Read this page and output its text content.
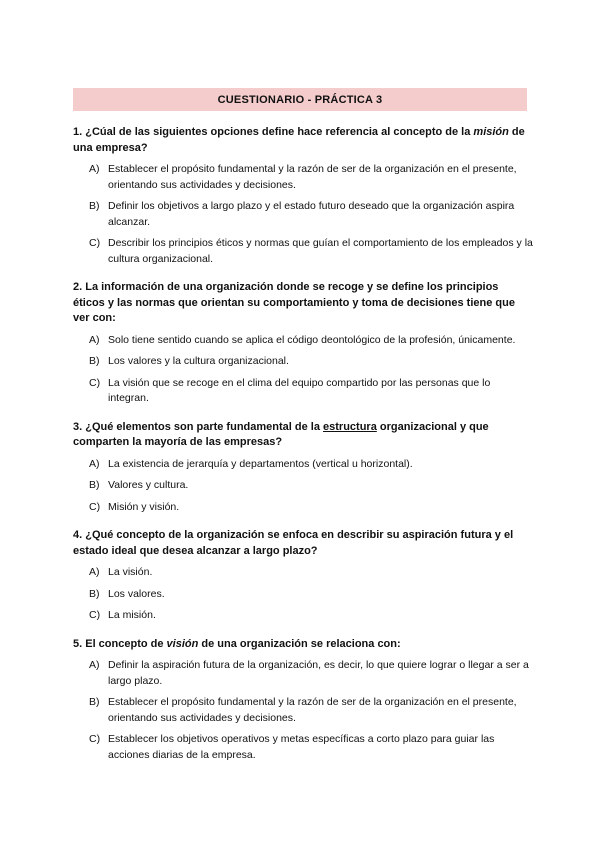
CUESTIONARIO - PRÁCTICA 3
1. ¿Cúal de las siguientes opciones define hace referencia al concepto de la misión de una empresa?
A) Establecer el propósito fundamental y la razón de ser de la organización en el presente, orientando sus actividades y decisiones.
B) Definir los objetivos a largo plazo y el estado futuro deseado que la organización aspira alcanzar.
C) Describir los principios éticos y normas que guían el comportamiento de los empleados y la cultura organizacional.
2. La información de una organización donde se recoge y se define los principios éticos y las normas que orientan su comportamiento y toma de decisiones tiene que ver con:
A) Solo tiene sentido cuando se aplica el código deontológico de la profesión, únicamente.
B) Los valores y la cultura organizacional.
C) La visión que se recoge en el clima del equipo compartido por las personas que lo integran.
3. ¿Qué elementos son parte fundamental de la estructura organizacional y que comparten la mayoría de las empresas?
A) La existencia de jerarquía y departamentos (vertical u horizontal).
B) Valores y cultura.
C) Misión y visión.
4. ¿Qué concepto de la organización se enfoca en describir su aspiración futura y el estado ideal que desea alcanzar a largo plazo?
A) La visión.
B) Los valores.
C) La misión.
5. El concepto de visión de una organización se relaciona con:
A) Definir la aspiración futura de la organización, es decir, lo que quiere lograr o llegar a ser a largo plazo.
B) Establecer el propósito fundamental y la razón de ser de la organización en el presente, orientando sus actividades y decisiones.
C) Establecer los objetivos operativos y metas específicas a corto plazo para guiar las acciones diarias de la empresa.
